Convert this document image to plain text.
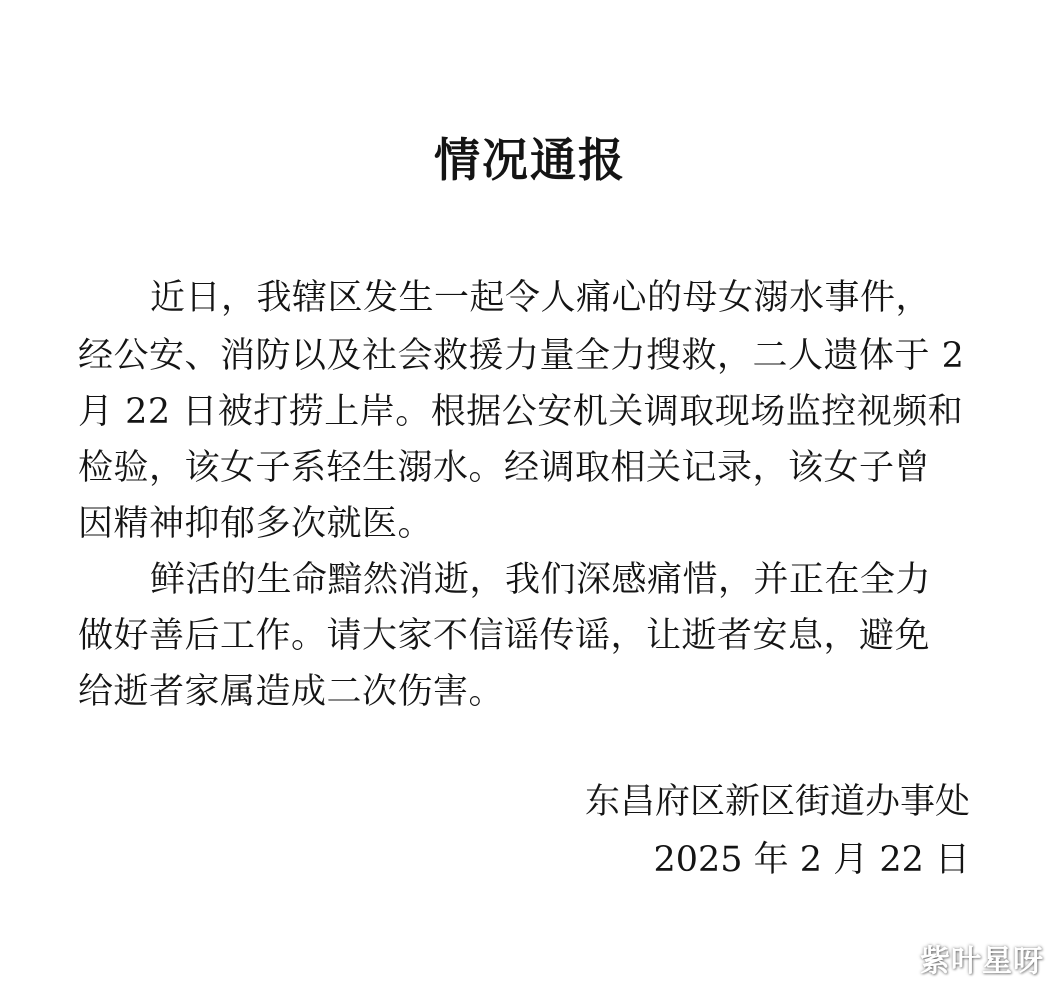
情况通报
近日，我辖区发生一起令人痛心的母女溺水事件，
经公安、消防以及社会救援力量全力搜救，二人遗体于 2
月 22 日被打捞上岸。根据公安机关调取现场监控视频和
检验，该女子系轻生溺水。经调取相关记录，该女子曾
因精神抑郁多次就医。
鲜活的生命黯然消逝，我们深感痛惜，并正在全力
做好善后工作。请大家不信谣传谣，让逝者安息，避免
给逝者家属造成二次伤害。
东昌府区新区街道办事处
2025 年 2 月 22 日
紫叶星呀
